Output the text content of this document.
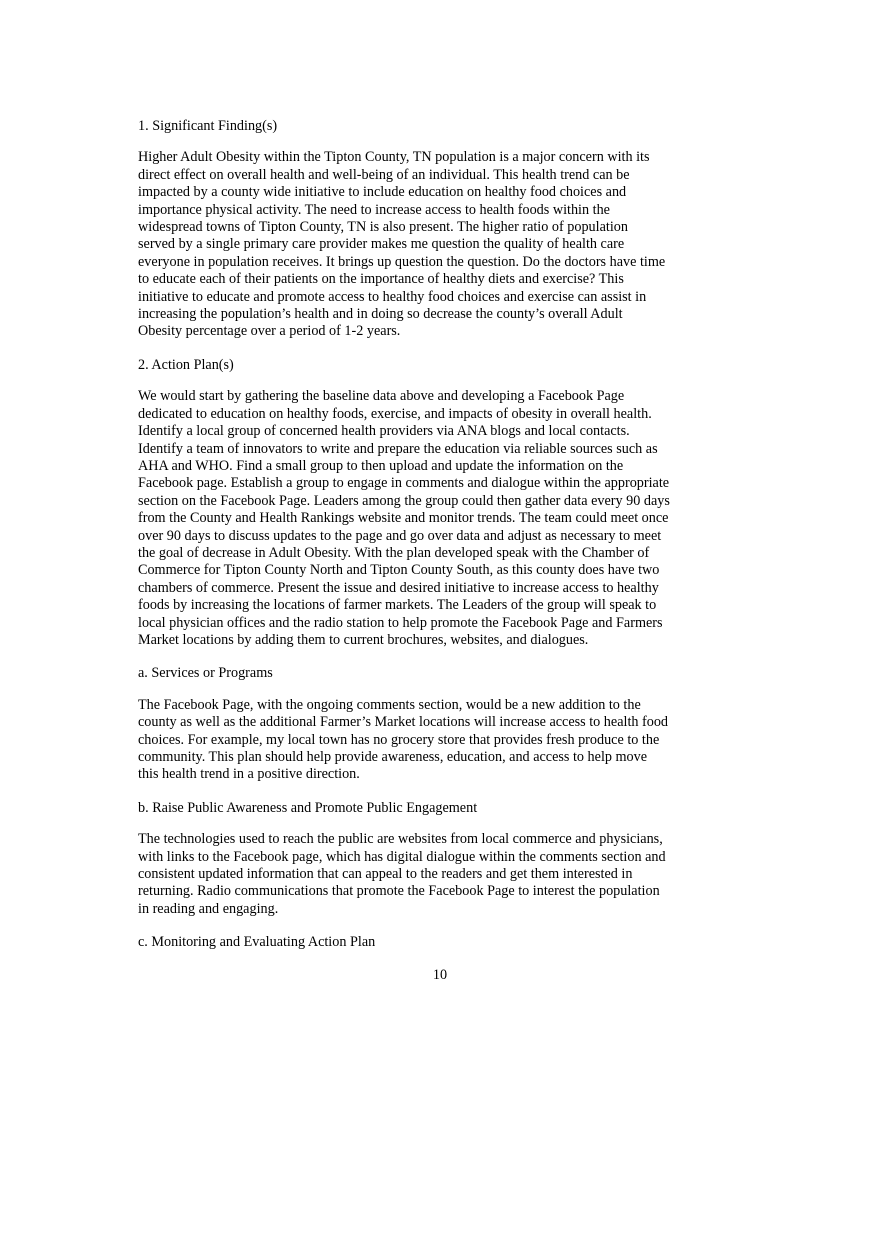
1. Significant Finding(s)

Higher Adult Obesity within the Tipton County, TN population is a major concern with its
direct effect on overall health and well-being of an individual. This health trend can be
impacted by a county wide initiative to include education on healthy food choices and
importance physical activity. The need to increase access to health foods within the
widespread towns of Tipton County, TN is also present. The higher ratio of population
served by a single primary care provider makes me question the quality of health care
everyone in population receives. It brings up question the question. Do the doctors have time
to educate each of their patients on the importance of healthy diets and exercise? This
initiative to educate and promote access to healthy food choices and exercise can assist in
increasing the population’s health and in doing so decrease the county’s overall Adult
Obesity percentage over a period of 1-2 years.

2. Action Plan(s)

We would start by gathering the baseline data above and developing a Facebook Page
dedicated to education on healthy foods, exercise, and impacts of obesity in overall health.
Identify a local group of concerned health providers via ANA blogs and local contacts.
Identify a team of innovators to write and prepare the education via reliable sources such as
AHA and WHO. Find a small group to then upload and update the information on the
Facebook page. Establish a group to engage in comments and dialogue within the appropriate
section on the Facebook Page. Leaders among the group could then gather data every 90 days
from the County and Health Rankings website and monitor trends. The team could meet once
over 90 days to discuss updates to the page and go over data and adjust as necessary to meet
the goal of decrease in Adult Obesity. With the plan developed speak with the Chamber of
Commerce for Tipton County North and Tipton County South, as this county does have two
chambers of commerce. Present the issue and desired initiative to increase access to healthy
foods by increasing the locations of farmer markets. The Leaders of the group will speak to
local physician offices and the radio station to help promote the Facebook Page and Farmers
Market locations by adding them to current brochures, websites, and dialogues.

a. Services or Programs

The Facebook Page, with the ongoing comments section, would be a new addition to the
county as well as the additional Farmer’s Market locations will increase access to health food
choices. For example, my local town has no grocery store that provides fresh produce to the
community. This plan should help provide awareness, education, and access to help move
this health trend in a positive direction.

b. Raise Public Awareness and Promote Public Engagement

The technologies used to reach the public are websites from local commerce and physicians,
with links to the Facebook page, which has digital dialogue within the comments section and
consistent updated information that can appeal to the readers and get them interested in
returning. Radio communications that promote the Facebook Page to interest the population
in reading and engaging.

c. Monitoring and Evaluating Action Plan

10
